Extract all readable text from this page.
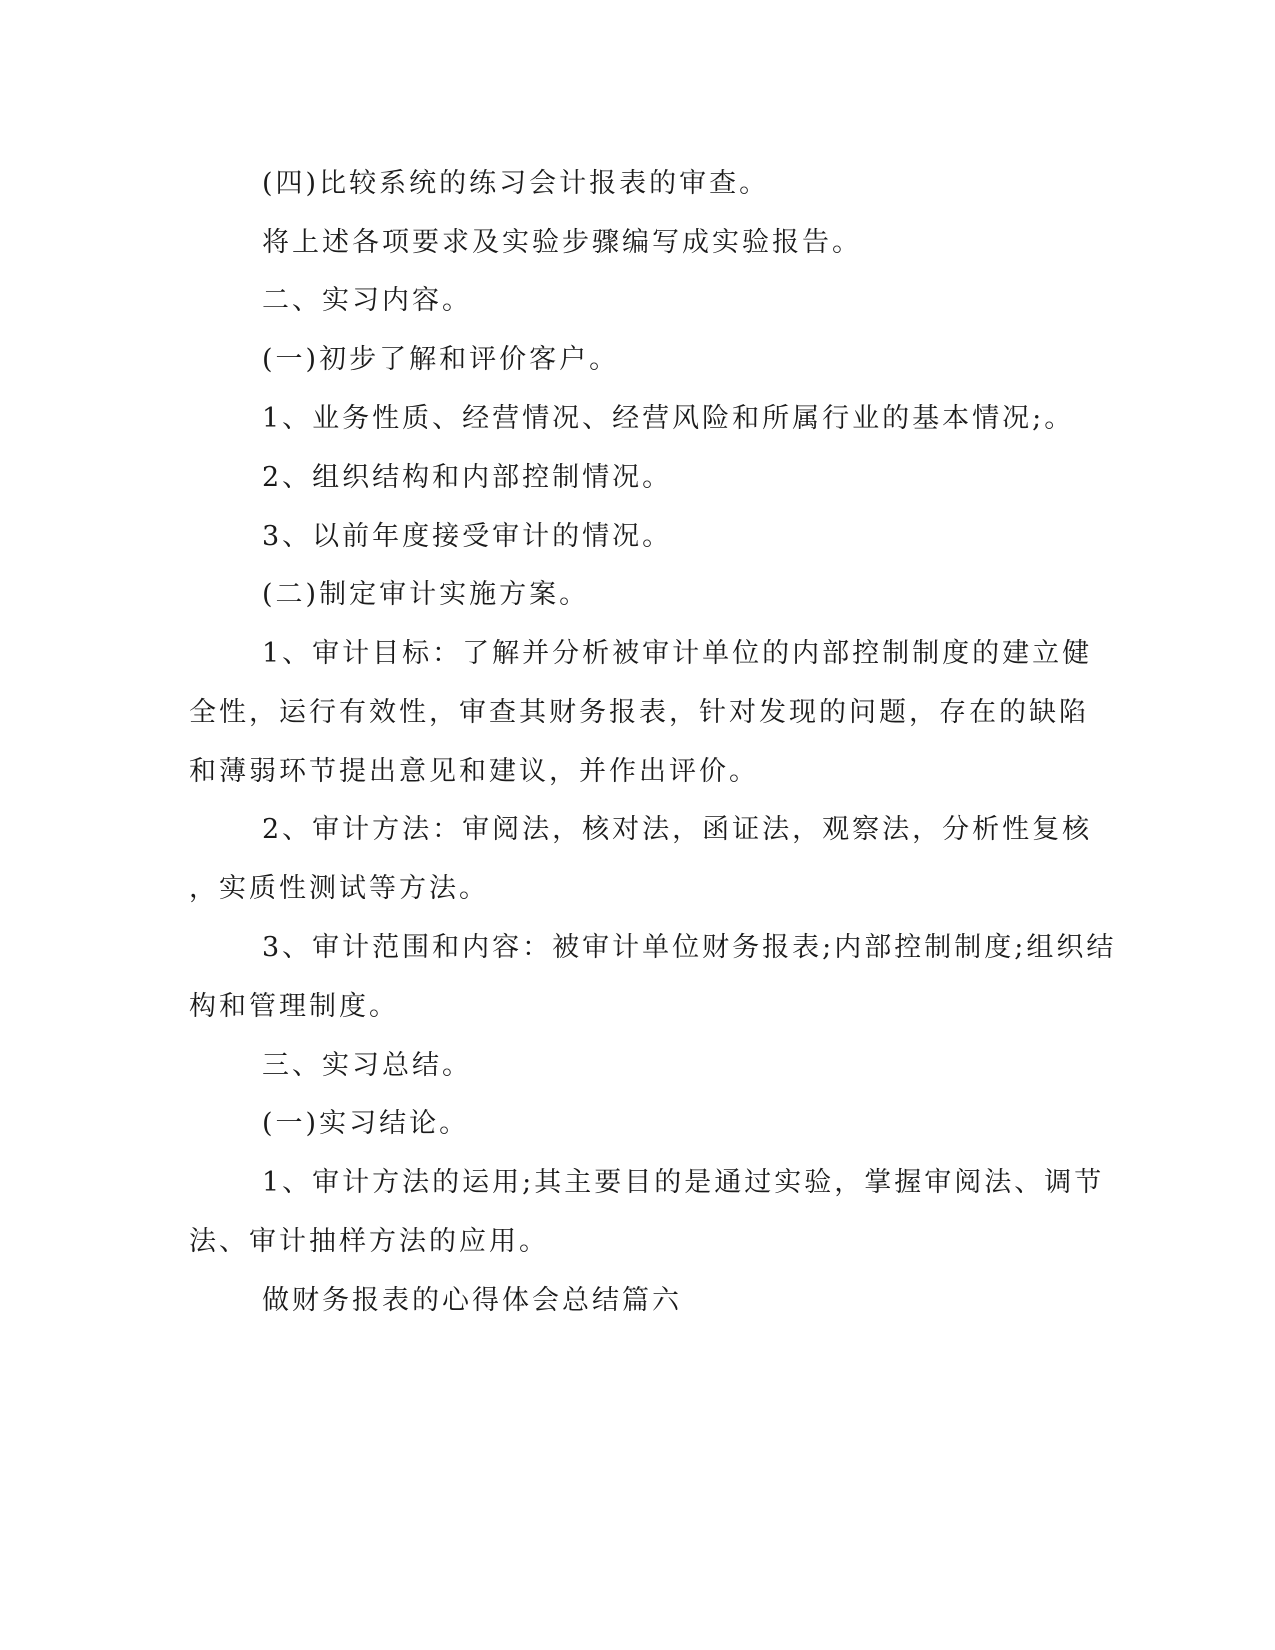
(四)比较系统的练习会计报表的审查。
将上述各项要求及实验步骤编写成实验报告。
二、实习内容。
(一)初步了解和评价客户。
1、业务性质、经营情况、经营风险和所属行业的基本情况;。
2、组织结构和内部控制情况。
3、以前年度接受审计的情况。
(二)制定审计实施方案。
1、审计目标：了解并分析被审计单位的内部控制制度的建立健
全性，运行有效性，审查其财务报表，针对发现的问题，存在的缺陷
和薄弱环节提出意见和建议，并作出评价。
2、审计方法：审阅法，核对法，函证法，观察法，分析性复核
，实质性测试等方法。
3、审计范围和内容：被审计单位财务报表;内部控制制度;组织结
构和管理制度。
三、实习总结。
(一)实习结论。
1、审计方法的运用;其主要目的是通过实验，掌握审阅法、调节
法、审计抽样方法的应用。
做财务报表的心得体会总结篇六
